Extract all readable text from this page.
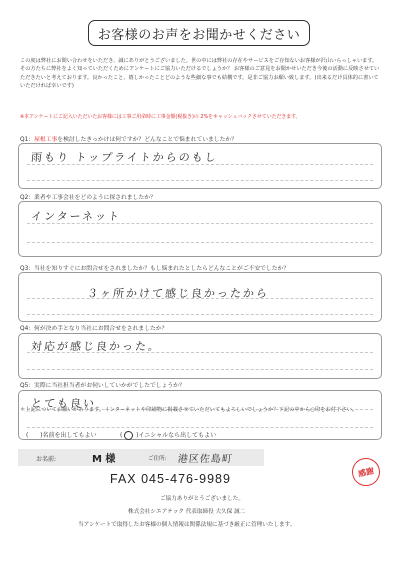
お客様のお声をお聞かせください
この度は弊社にお問い合わせをいただき、誠にありがとうございました。世の中には弊社の存在やサービスをご存知ないお客様が沢山いらっしゃいます。その方たちに弊社をよく知っていただくためにアンケートにご協力いただけるでしょうか？ お客様のご意見をお聞かせいただき今後の活動に反映させていただきたいと考えております。良かったこと、嬉しかったことどのような些細な事でも結構です。是非ご協力お願い致します。(出来るだけ具体的に書いていただければ幸いです)
※本アンケートにご記入いただいたお客様には工事ご用命時に工事金額(税抜き)の 2%をキャッシュバックさせていただきます。
Q1：屋根工事を検討したきっかけは何ですか？どんなことで悩まれていましたか？
雨もり トップライトからのもし
Q2：業者や工事会社をどのように探されましたか？
インターネット
Q3：当社を知りすぐにお問合せをされましたか？もし悩まれたとしたらどんなことがご不安でしたか？
３ヶ所かけて感じ良かったから
Q4：何が決め手となり当社にお問合せをされましたか？
対応が感じ良かった。
Q5：実際に当社担当者がお伺いしていかがでしたでしょうか？
とても良い
＊上記についてお願いがあります。インターネットや印刷物に掲載させていただいてもよろしいでしょうか？下記の中から○印をお付下さい。
(  )名前を出してもよい	(  )イニシャルなら出してもよい
お名前:	M 様	ご住所: 港区佐島町
感謝
FAX 045-476-9989
ご協力ありがとうございました。
株式会社シエアテック 代表取締役 大久保 誠二
当アンケートで取得したお客様の個人情報は関係法規に基づき厳正に管理いたします。
